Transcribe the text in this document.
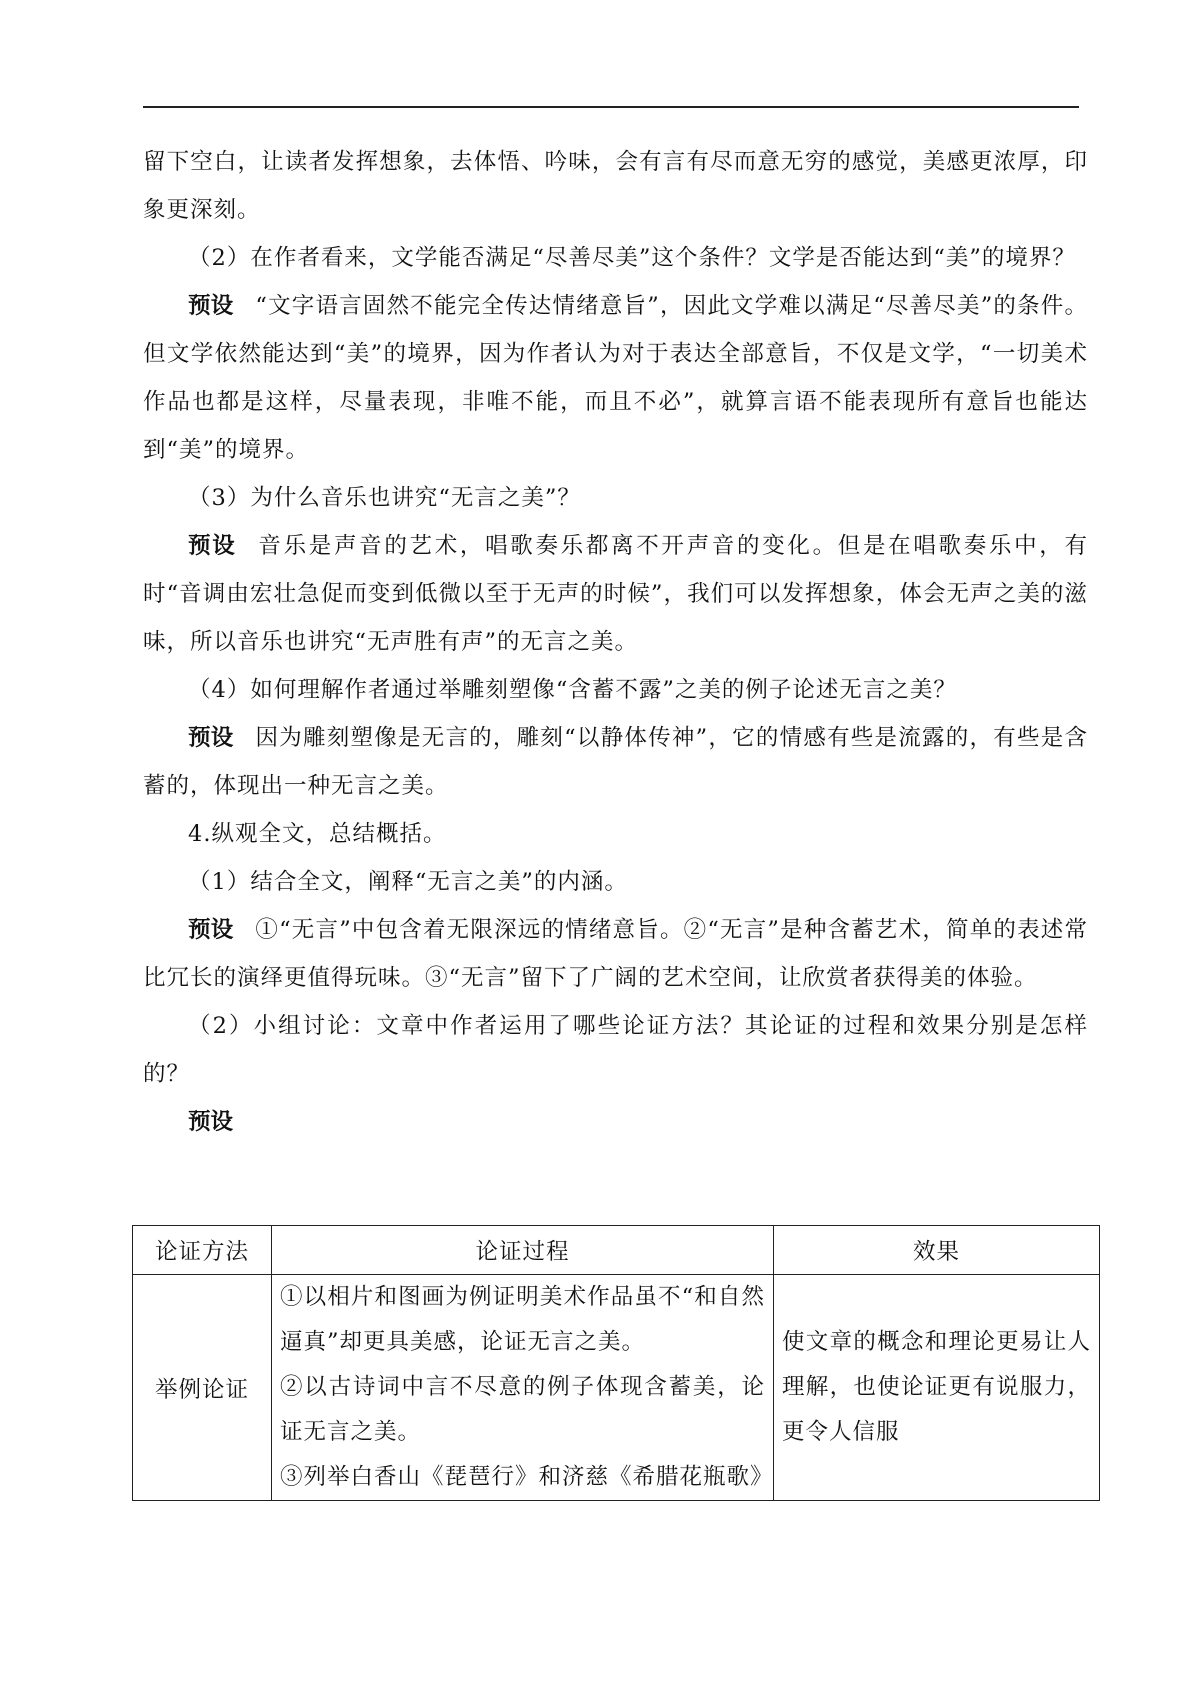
留下空白，让读者发挥想象，去体悟、吟味，会有言有尽而意无穷的感觉，美感更浓厚，印象更深刻。

（2）在作者看来，文学能否满足“尽善尽美”这个条件？文学是否能达到“美”的境界？

预设 “文字语言固然不能完全传达情绪意旨”，因此文学难以满足“尽善尽美”的条件。但文学依然能达到“美”的境界，因为作者认为对于表达全部意旨，不仅是文学，“一切美术作品也都是这样，尽量表现，非唯不能，而且不必”，就算言语不能表现所有意旨也能达到“美”的境界。

（3）为什么音乐也讲究“无言之美”？

预设 音乐是声音的艺术，唱歌奏乐都离不开声音的变化。但是在唱歌奏乐中，有时“音调由宏壮急促而变到低微以至于无声的时候”，我们可以发挥想象，体会无声之美的滋味，所以音乐也讲究“无声胜有声”的无言之美。

（4）如何理解作者通过举雕刻塑像“含蓄不露”之美的例子论述无言之美？

预设 因为雕刻塑像是无言的，雕刻“以静体传神”，它的情感有些是流露的，有些是含蓄的，体现出一种无言之美。

4.纵观全文，总结概括。

（1）结合全文，阐释“无言之美”的内涵。

预设 ①“无言”中包含着无限深远的情绪意旨。②“无言”是种含蓄艺术，简单的表述常比冗长的演绎更值得玩味。③“无言”留下了广阔的艺术空间，让欣赏者获得美的体验。

（2）小组讨论：文章中作者运用了哪些论证方法？其论证的过程和效果分别是怎样的？

预设

论证方法	论证过程	效果
举例论证	①以相片和图画为例证明美术作品虽不“和自然逼真”却更具美感，论证无言之美。
②以古诗词中言不尽意的例子体现含蓄美，论证无言之美。
③列举白香山《琵琶行》和济慈《希腊花瓶歌》	使文章的概念和理论更易让人理解，也使论证更有说服力，更令人信服
